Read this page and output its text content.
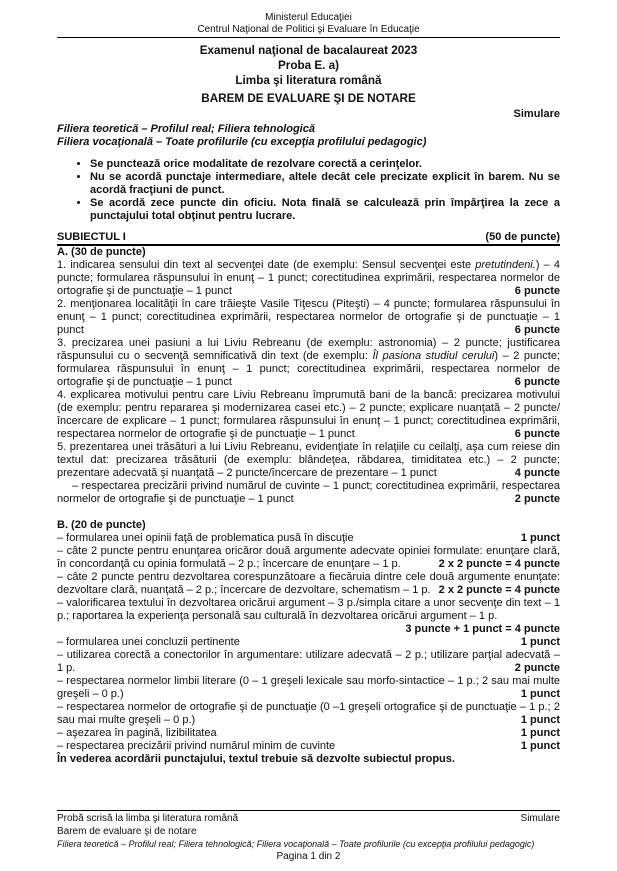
Ministerul Educaţiei
Centrul Naţional de Politici şi Evaluare în Educaţie
Examenul naţional de bacalaureat 2023
Proba E. a)
Limba şi literatura română
BAREM DE EVALUARE ŞI DE NOTARE
Simulare
Filiera teoretică – Profilul real; Filiera tehnologică
Filiera vocaţională – Toate profilurile (cu excepţia profilului pedagogic)
• Se punctează orice modalitate de rezolvare corectă a cerinţelor.
• Nu se acordă punctaje intermediare, altele decât cele precizate explicit în barem. Nu se acordă fracţiuni de punct.
• Se acordă zece puncte din oficiu. Nota finală se calculează prin împărţirea la zece a punctajului total obţinut pentru lucrare.
SUBIECTUL I	(50 de puncte)
A. (30 de puncte)

1. indicarea sensului din text al secvenţei date (de exemplu: Sensul secvenţei este pretutindeni.) – 4 puncte; formularea răspunsului în enunţ – 1 punct; corectitudinea exprimării, respectarea normelor de ortografie şi de punctuaţie – 1 punct	6 puncte

2. menţionarea localităţii în care trăieşte Vasile Tiţescu (Piteşti) – 4 puncte; formularea răspunsului în enunţ – 1 punct; corectitudinea exprimării, respectarea normelor de ortografie şi de punctuaţie – 1 punct	6 puncte

3. precizarea unei pasiuni a lui Liviu Rebreanu (de exemplu: astronomia) – 2 puncte; justificarea răspunsului cu o secvenţă semnificativă din text (de exemplu: Îl pasiona studiul cerului) – 2 puncte; formularea răspunsului în enunţ – 1 punct; corectitudinea exprimării, respectarea normelor de ortografie şi de punctuaţie – 1 punct	6 puncte

4. explicarea motivului pentru care Liviu Rebreanu împrumută bani de la bancă: precizarea motivului (de exemplu: pentru repararea şi modernizarea casei etc.) – 2 puncte; explicare nuanţată – 2 puncte/încercare de explicare – 1 punct; formularea răspunsului în enunţ – 1 punct; corectitudinea exprimării, respectarea normelor de ortografie şi de punctuaţie – 1 punct	6 puncte

5. prezentarea unei trăsături a lui Liviu Rebreanu, evidenţiate în relaţiile cu ceilalţi, aşa cum reiese din textul dat: precizarea trăsăturii (de exemplu: blândeţea, răbdarea, timiditatea etc.) – 2 puncte; prezentare adecvată şi nuanţată – 2 puncte/încercare de prezentare – 1 punct	4 puncte

– respectarea precizării privind numărul de cuvinte – 1 punct; corectitudinea exprimării, respectarea normelor de ortografie şi de punctuaţie – 1 punct	2 puncte

B. (20 de puncte)

– formularea unei opinii faţă de problematica pusă în discuţie	1 punct

– câte 2 puncte pentru enunţarea oricăror două argumente adecvate opiniei formulate: enunţare clară, în concordanţă cu opinia formulată – 2 p.; încercare de enunţare – 1 p.	2 x 2 puncte = 4 puncte

– câte 2 puncte pentru dezvoltarea corespunzătoare a fiecăruia dintre cele două argumente enunţate: dezvoltare clară, nuanţată – 2 p.; încercare de dezvoltare, schematism – 1 p. 2 x 2 puncte = 4 puncte

– valorificarea textului în dezvoltarea oricărui argument – 3 p./simpla citare a unor secvenţe din text – 1 p.; raportarea la experienţa personală sau culturală în dezvoltarea oricărui argument – 1 p.
3 puncte + 1 punct = 4 puncte

– formularea unei concluzii pertinente	1 punct

– utilizarea corectă a conectorilor în argumentare: utilizare adecvată – 2 p.; utilizare parţial adecvată – 1 p.	2 puncte

– respectarea normelor limbii literare (0 – 1 greşeli lexicale sau morfo-sintactice – 1 p.; 2 sau mai multe greşeli – 0 p.)	1 punct

– respectarea normelor de ortografie şi de punctuaţie (0 –1 greşeli ortografice şi de punctuaţie – 1 p.; 2 sau mai multe greşeli – 0 p.)	1 punct

– aşezarea în pagină, lizibilitatea	1 punct

– respectarea precizării privind numărul minim de cuvinte	1 punct

În vederea acordării punctajului, textul trebuie să dezvolte subiectul propus.
Probă scrisă la limba şi literatura română	Simulare
Barem de evaluare şi de notare
Filiera teoretică – Profilul real; Filiera tehnologică; Filiera vocaţională – Toate profilurile (cu excepţia profilului pedagogic)
Pagina 1 din 2
